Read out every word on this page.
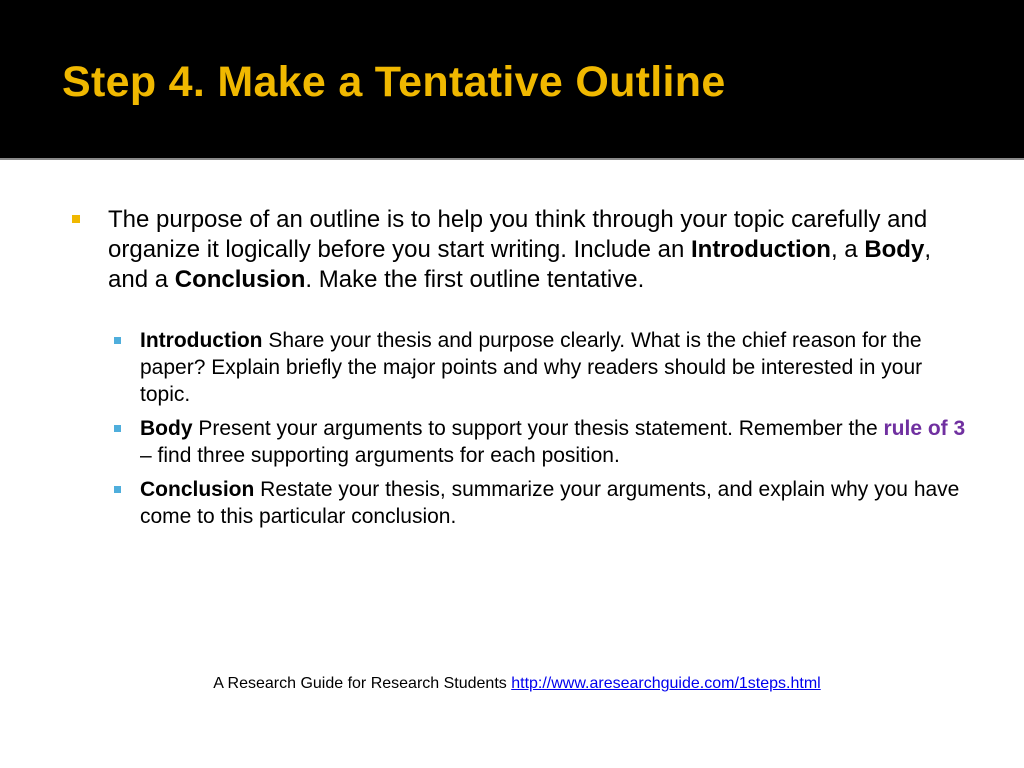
Step 4. Make a Tentative Outline
The purpose of an outline is to help you think through your topic carefully and organize it logically before you start writing. Include an Introduction, a Body, and a Conclusion. Make the first outline tentative.
Introduction Share your thesis and purpose clearly. What is the chief reason for the paper? Explain briefly the major points and why readers should be interested in your topic.
Body Present your arguments to support your thesis statement. Remember the rule of 3 – find three supporting arguments for each position.
Conclusion Restate your thesis, summarize your arguments, and explain why you have come to this particular conclusion.
A Research Guide for Research Students http://www.aresearchguide.com/1steps.html
